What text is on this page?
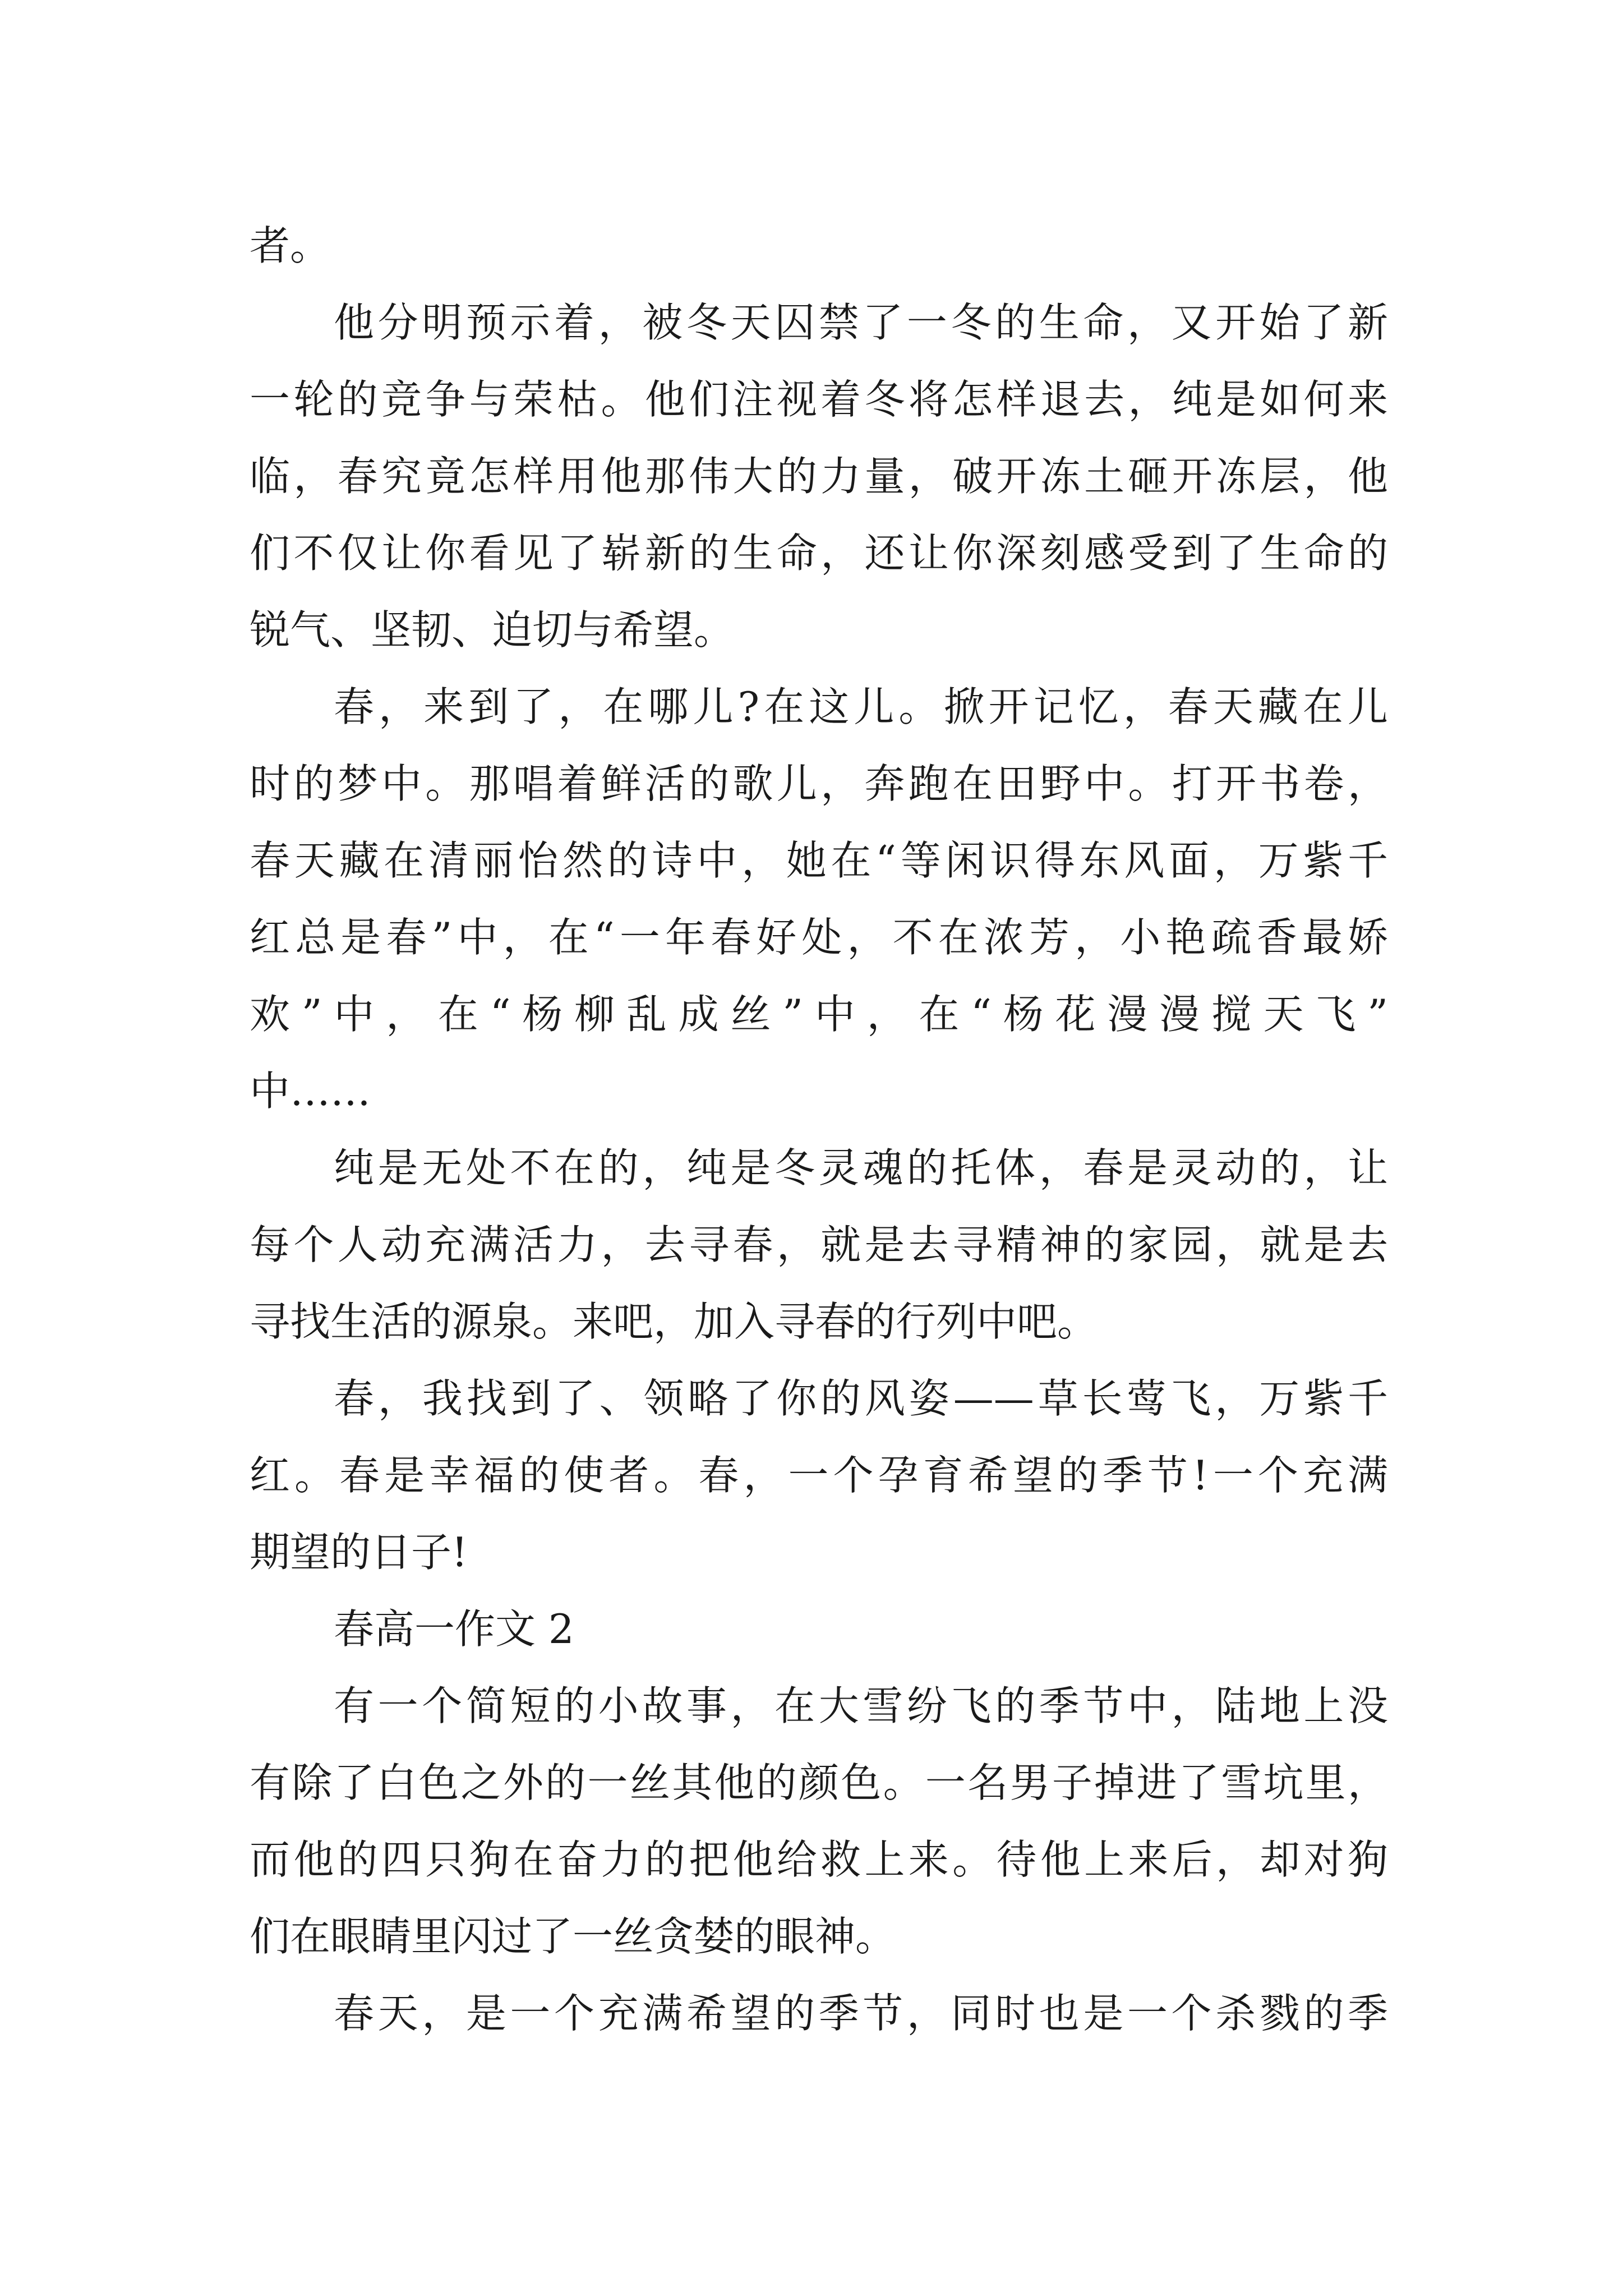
者。
他分明预示着，被冬天囚禁了一冬的生命，又开始了新
一轮的竞争与荣枯。他们注视着冬将怎样退去，纯是如何来
临，春究竟怎样用他那伟大的力量，破开冻土砸开冻层，他
们不仅让你看见了崭新的生命，还让你深刻感受到了生命的
锐气、坚韧、迫切与希望。
春，来到了，在哪儿?在这儿。掀开记忆，春天藏在儿
时的梦中。那唱着鲜活的歌儿，奔跑在田野中。打开书卷，
春天藏在清丽怡然的诗中，她在“等闲识得东风面，万紫千
红总是春”中，在“一年春好处，不在浓芳，小艳疏香最娇
欢”中，在“杨柳乱成丝”中，在“杨花漫漫搅天飞”
中……
纯是无处不在的，纯是冬灵魂的托体，春是灵动的，让
每个人动充满活力，去寻春，就是去寻精神的家园，就是去
寻找生活的源泉。来吧，加入寻春的行列中吧。
春，我找到了、领略了你的风姿——草长莺飞，万紫千
红。春是幸福的使者。春，一个孕育希望的季节!一个充满
期望的日子!
春高一作文 2
有一个简短的小故事，在大雪纷飞的季节中，陆地上没
有除了白色之外的一丝其他的颜色。一名男子掉进了雪坑里，
而他的四只狗在奋力的把他给救上来。待他上来后，却对狗
们在眼睛里闪过了一丝贪婪的眼神。
春天，是一个充满希望的季节，同时也是一个杀戮的季
